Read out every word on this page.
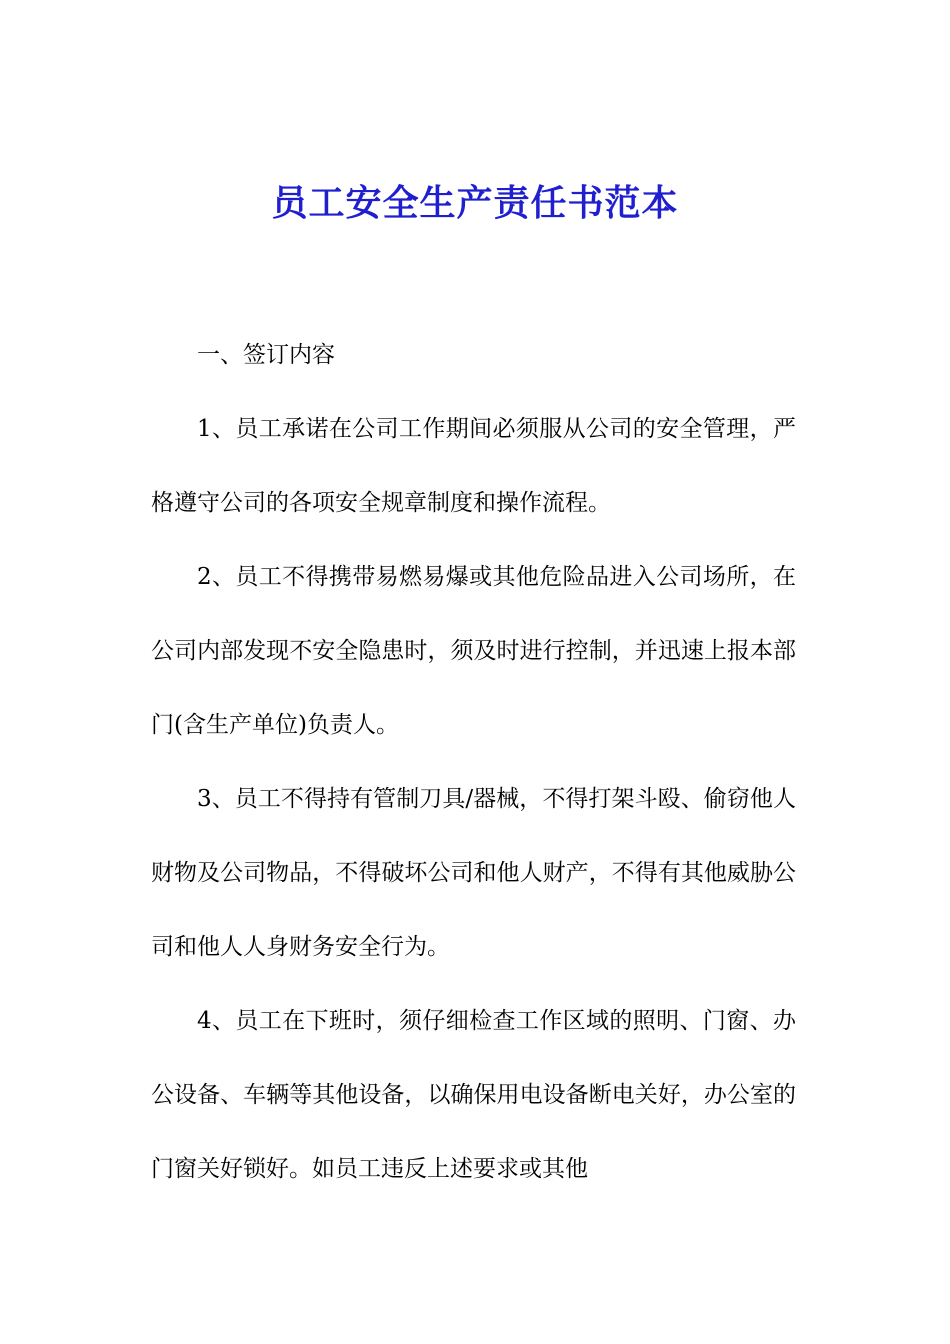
员工安全生产责任书范本

一、签订内容

1、员工承诺在公司工作期间必须服从公司的安全管理，严格遵守公司的各项安全规章制度和操作流程。

2、员工不得携带易燃易爆或其他危险品进入公司场所，在公司内部发现不安全隐患时，须及时进行控制，并迅速上报本部门(含生产单位)负责人。

3、员工不得持有管制刀具/器械，不得打架斗殴、偷窃他人财物及公司物品，不得破坏公司和他人财产，不得有其他威胁公司和他人人身财务安全行为。

4、员工在下班时，须仔细检查工作区域的照明、门窗、办公设备、车辆等其他设备，以确保用电设备断电关好，办公室的门窗关好锁好。如员工违反上述要求或其他
